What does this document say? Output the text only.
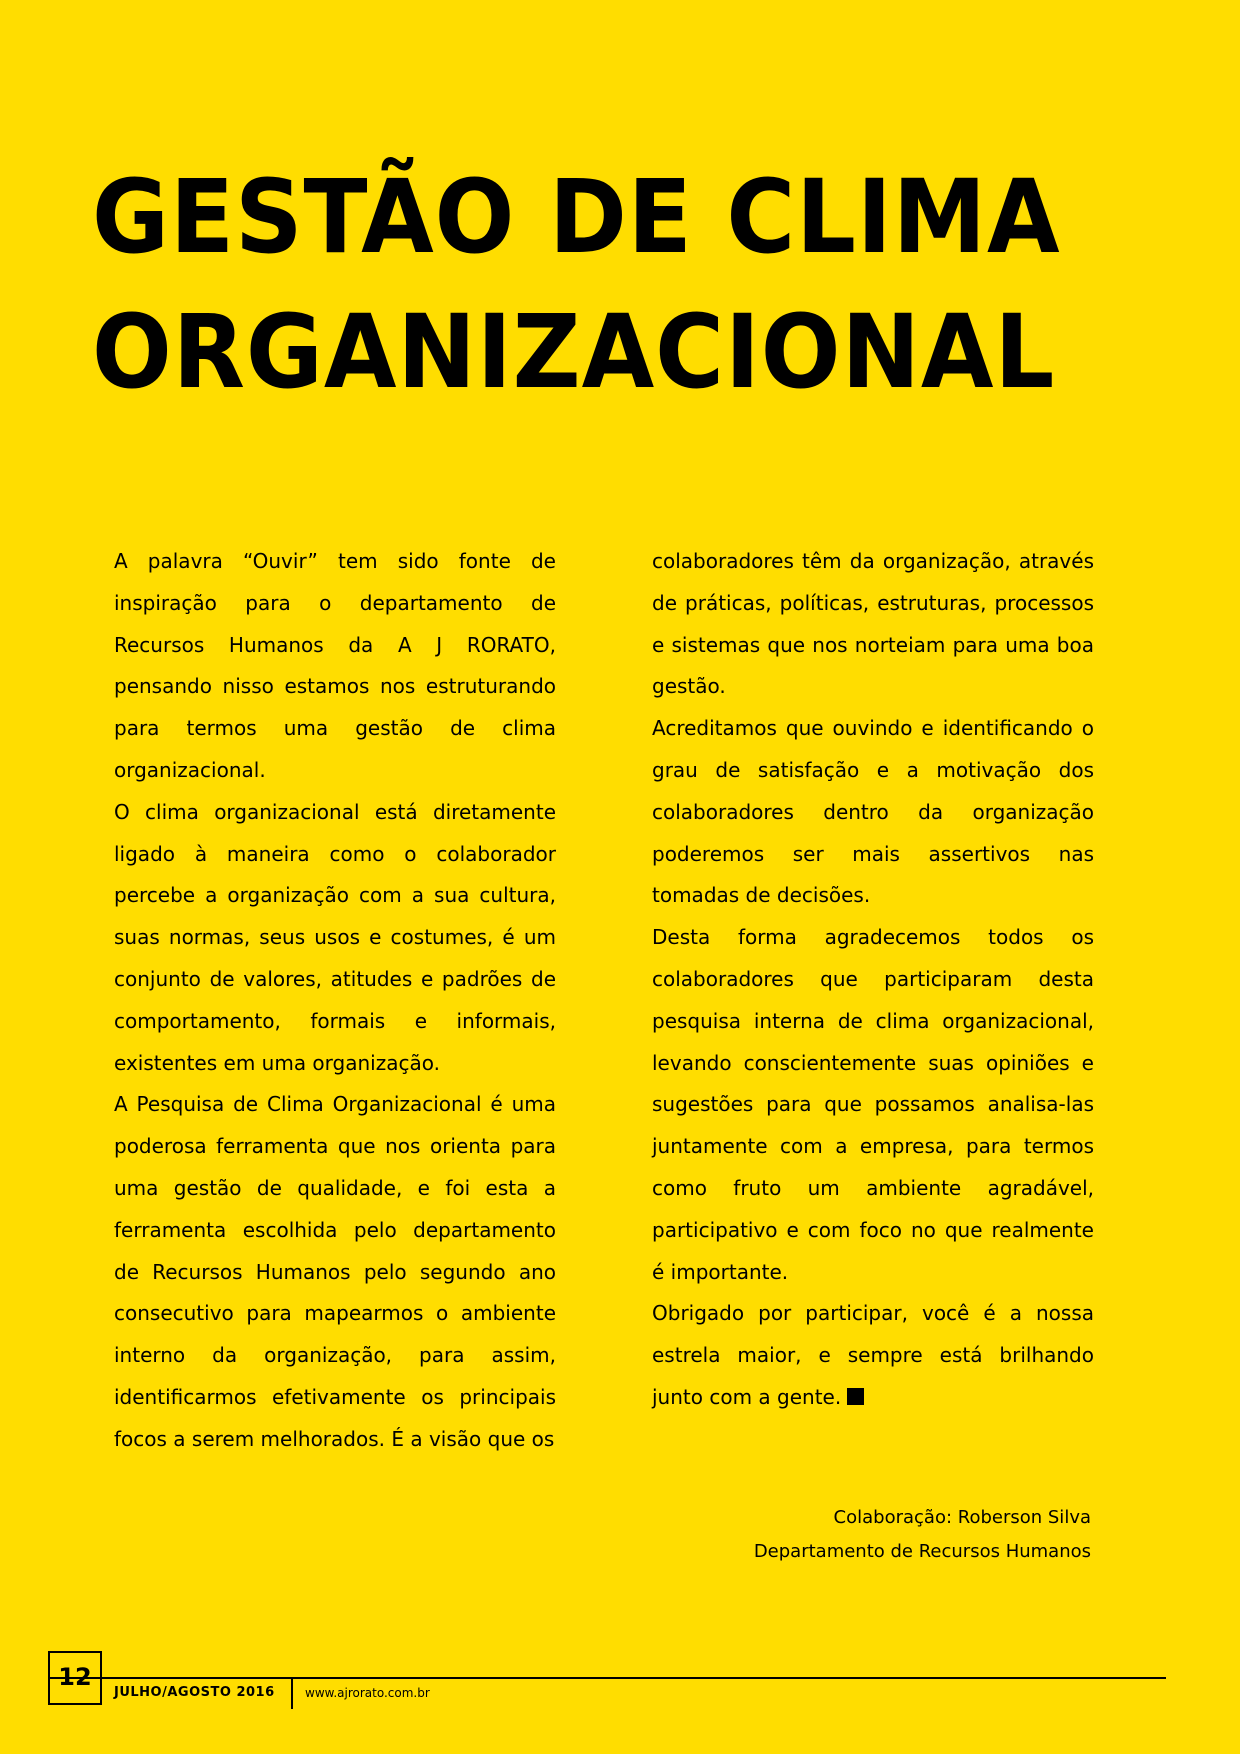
GESTÃO DE CLIMA
ORGANIZACIONAL

A palavra “Ouvir” tem sido fonte de inspiração para o departamento de Recursos Humanos da A J RORATO, pensando nisso estamos nos estruturando para termos uma gestão de clima organizacional.

O clima organizacional está diretamente ligado à maneira como o colaborador percebe a organização com a sua cultura, suas normas, seus usos e costumes, é um conjunto de valores, atitudes e padrões de comportamento, formais e informais, existentes em uma organização.

A Pesquisa de Clima Organizacional é uma poderosa ferramenta que nos orienta para uma gestão de qualidade, e foi esta a ferramenta escolhida pelo departamento de Recursos Humanos pelo segundo ano consecutivo para mapearmos o ambiente interno da organização, para assim, identificarmos efetivamente os principais focos a serem melhorados. É a visão que os

colaboradores têm da organização, através de práticas, políticas, estruturas, processos e sistemas que nos norteiam para uma boa gestão.

Acreditamos que ouvindo e identificando o grau de satisfação e a motivação dos colaboradores dentro da organização poderemos ser mais assertivos nas tomadas de decisões.

Desta forma agradecemos todos os colaboradores que participaram desta pesquisa interna de clima organizacional, levando conscientemente suas opiniões e sugestões para que possamos analisa-las juntamente com a empresa, para termos como fruto um ambiente agradável, participativo e com foco no que realmente é importante.

Obrigado por participar, você é a nossa estrela maior, e sempre está brilhando junto com a gente.

Colaboração: Roberson Silva
Departamento de Recursos Humanos
12
JULHO/AGOSTO 2016	www.ajrorato.com.br
